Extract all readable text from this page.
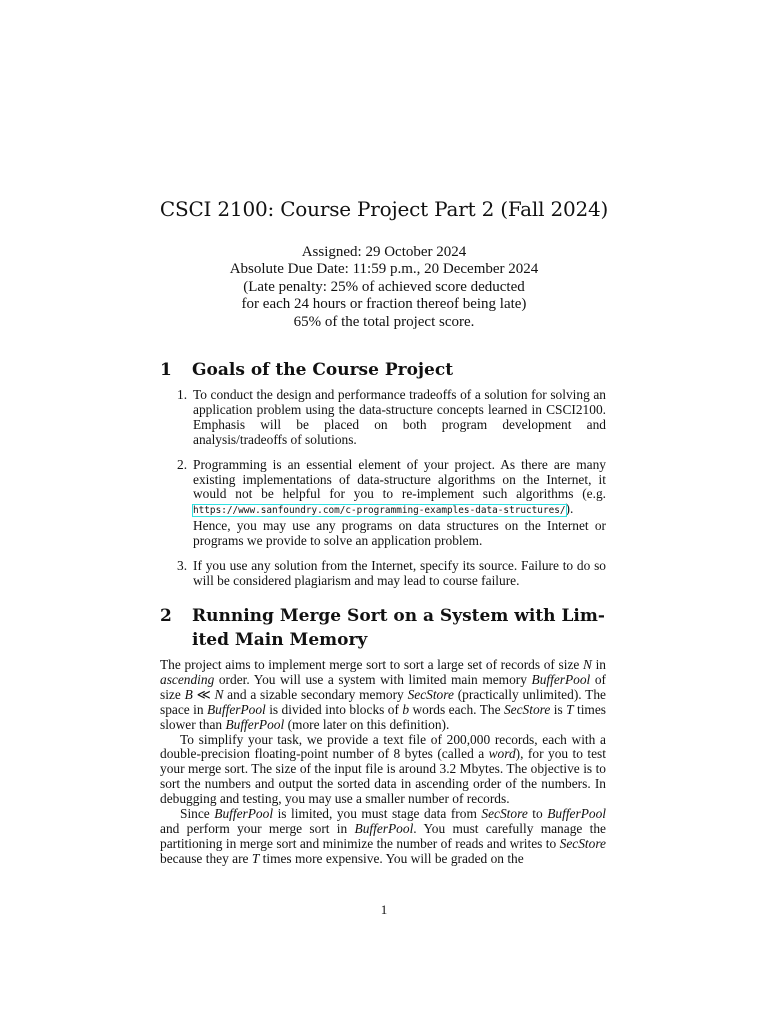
CSCI 2100: Course Project Part 2 (Fall 2024)
Assigned: 29 October 2024
Absolute Due Date: 11:59 p.m., 20 December 2024
(Late penalty: 25% of achieved score deducted
for each 24 hours or fraction thereof being late)
65% of the total project score.
1 Goals of the Course Project
1. To conduct the design and performance tradeoffs of a solution for solving an application problem using the data-structure concepts learned in CSCI2100. Emphasis will be placed on both program development and analysis/tradeoffs of solutions.
2. Programming is an essential element of your project. As there are many existing implementations of data-structure algorithms on the Internet, it would not be helpful for you to re-implement such algorithms (e.g. https://www.sanfoundry.com/c-programming-examples-data-structures/). Hence, you may use any programs on data structures on the Internet or programs we provide to solve an application problem.
3. If you use any solution from the Internet, specify its source. Failure to do so will be considered plagiarism and may lead to course failure.
2 Running Merge Sort on a System with Lim-
ited Main Memory

The project aims to implement merge sort to sort a large set of records of size N in ascending order. You will use a system with limited main memory BufferPool of size B ≪ N and a sizable secondary memory SecStore (practically unlimited). The space in BufferPool is divided into blocks of b words each. The SecStore is T times slower than BufferPool (more later on this definition).

To simplify your task, we provide a text file of 200,000 records, each with a double-precision floating-point number of 8 bytes (called a word), for you to test your merge sort. The size of the input file is around 3.2 Mbytes. The objective is to sort the numbers and output the sorted data in ascending order of the numbers. In debugging and testing, you may use a smaller number of records.

Since BufferPool is limited, you must stage data from SecStore to BufferPool and perform your merge sort in BufferPool. You must carefully manage the partitioning in merge sort and minimize the number of reads and writes to SecStore because they are T times more expensive. You will be graded on the

1
